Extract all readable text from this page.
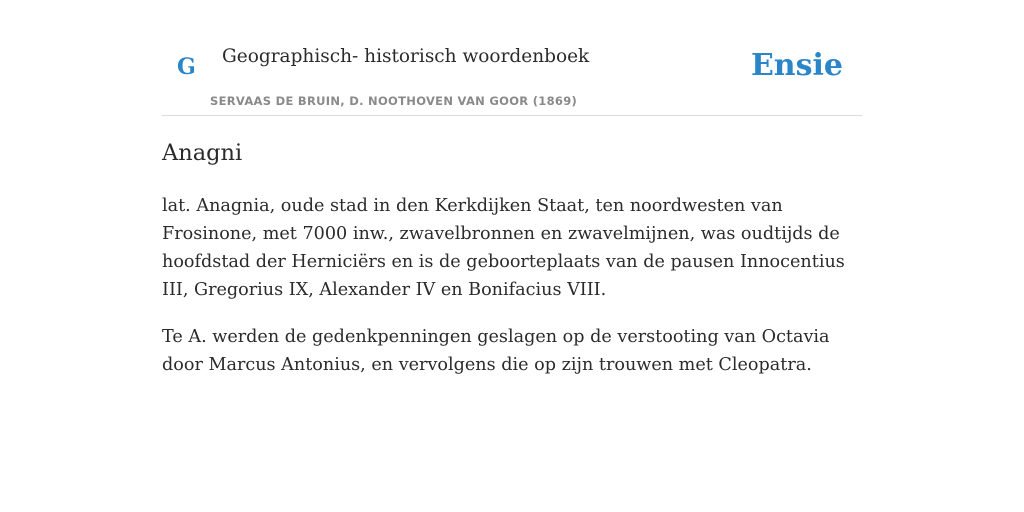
G Geographisch- historisch woordenboek
SERVAAS DE BRUIN, D. NOOTHOVEN VAN GOOR (1869)
Ensie
Anagni

lat. Anagnia, oude stad in den Kerkdijken Staat, ten noordwesten van Frosinone, met 7000 inw., zwavelbronnen en zwavelmijnen, was oudtijds de hoofdstad der Herniciërs en is de geboorteplaats van de pausen Innocentius III, Gregorius IX, Alexander IV en Bonifacius VIII.

Te A. werden de gedenkpenningen geslagen op de verstooting van Octavia door Marcus Antonius, en vervolgens die op zijn trouwen met Cleopatra.
